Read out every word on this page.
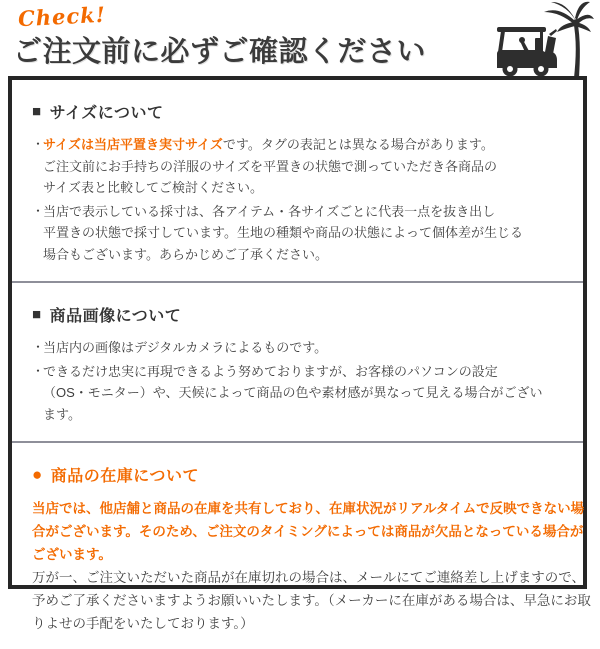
Check!
ご注文前に必ずご確認ください
■ サイズについて
・
サイズは当店平置き実寸サイズです。タグの表記とは異なる場合があります。
ご注文前にお手持ちの洋服のサイズを平置きの状態で測っていただき各商品の
サイズ表と比較してご検討ください。
・
当店で表示している採寸は、各アイテム・各サイズごとに代表一点を抜き出し
平置きの状態で採寸しています。生地の種類や商品の状態によって個体差が生じる
場合もございます。あらかじめご了承ください。
■ 商品画像について
・
当店内の画像はデジタルカメラによるものです。
・
できるだけ忠実に再現できるよう努めておりますが、お客様のパソコンの設定
（OS・モニター）や、天候によって商品の色や素材感が異なって見える場合がござい
ます。
● 商品の在庫について
当店では、他店舗と商品の在庫を共有しており、在庫状況がリアルタイムで反映できない場
合がございます。そのため、ご注文のタイミングによっては商品が欠品となっている場合が
ございます。
万が一、ご注文いただいた商品が在庫切れの場合は、メールにてご連絡差し上げますので、
予めご了承くださいますようお願いいたします。（メーカーに在庫がある場合は、早急にお取
りよせの手配をいたしております。）
